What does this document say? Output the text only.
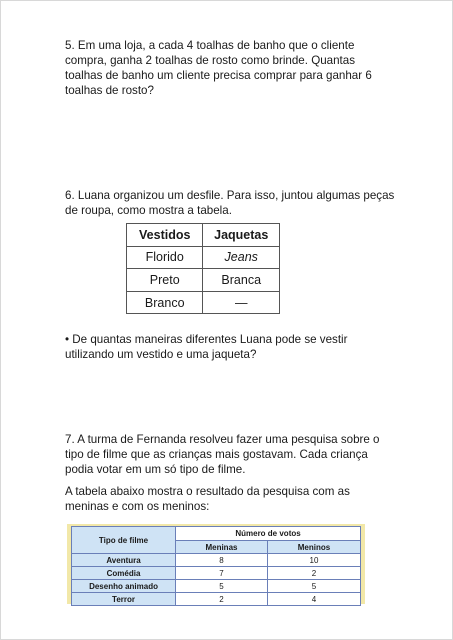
5. Em uma loja, a cada 4 toalhas de banho que o cliente compra, ganha 2 toalhas de rosto como brinde. Quantas toalhas de banho um cliente precisa comprar para ganhar 6 toalhas de rosto?

6. Luana organizou um desfile. Para isso, juntou algumas peças de roupa, como mostra a tabela.

Vestidos	Jaquetas
Florido	Jeans
Preto	Branca
Branco	—

• De quantas maneiras diferentes Luana pode se vestir utilizando um vestido e uma jaqueta?

7. A turma de Fernanda resolveu fazer uma pesquisa sobre o tipo de filme que as crianças mais gostavam. Cada criança podia votar em um só tipo de filme.

A tabela abaixo mostra o resultado da pesquisa com as meninas e com os meninos:

Tipo de filme	Número de votos	
	Meninas	Meninos
Aventura	8	10
Comédia	7	2
Desenho animado	5	5
Terror	2	4
